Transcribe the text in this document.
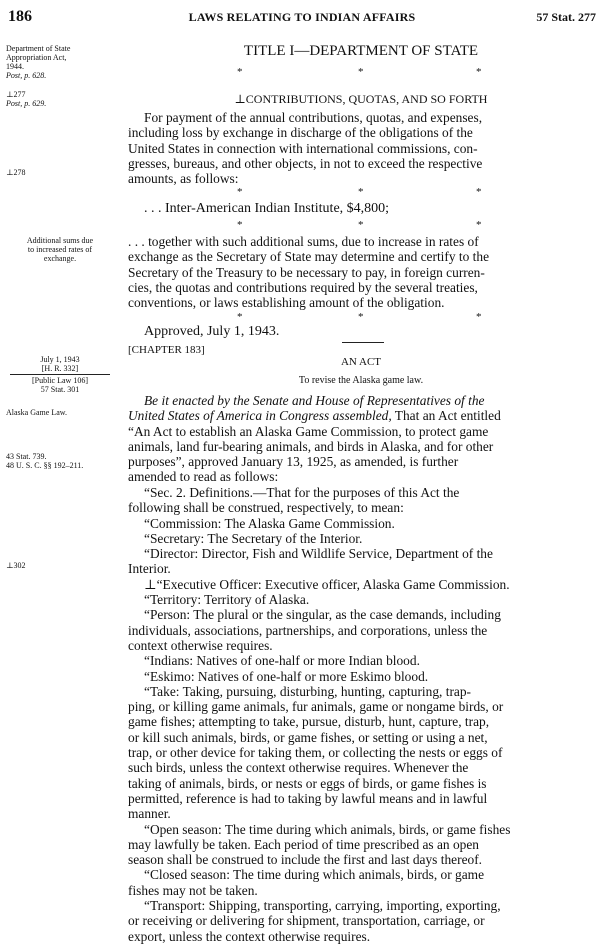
186	LAWS RELATING TO INDIAN AFFAIRS	57 Stat. 277
Department of State
Appropriation Act,
1944.
Post, p. 628.
⊥277
Post, p. 629.
⊥278
Additional sums due
to increased rates of
exchange.
July 1, 1943
[H. R. 332]
[Public Law 106]
57 Stat. 301
Alaska Game Law.
43 Stat. 739.
48 U. S. C. §§ 192–211.
⊥302

TITLE I—DEPARTMENT OF STATE

*	*	*

⊥CONTRIBUTIONS, QUOTAS, AND SO FORTH

For payment of the annual contributions, quotas, and expenses,

including loss by exchange in discharge of the obligations of the

United States in connection with international commissions, con-

gresses, bureaus, and other objects, in not to exceed the respective

amounts, as follows:

*	*	*

. . . Inter-American Indian Institute, $4,800;

*	*	*

. . . together with such additional sums, due to increase in rates of

exchange as the Secretary of State may determine and certify to the

Secretary of the Treasury to be necessary to pay, in foreign curren-

cies, the quotas and contributions required by the several treaties,

conventions, or laws establishing amount of the obligation.

*	*	*

Approved, July 1, 1943.

[CHAPTER 183]

AN ACT

To revise the Alaska game law.

Be it enacted by the Senate and House of Representatives of the

United States of America in Congress assembled, That an Act entitled

“An Act to establish an Alaska Game Commission, to protect game

animals, land fur-bearing animals, and birds in Alaska, and for other

purposes”, approved January 13, 1925, as amended, is further

amended to read as follows:

“Sec. 2. Definitions.—That for the purposes of this Act the

following shall be construed, respectively, to mean:

“Commission: The Alaska Game Commission.

“Secretary: The Secretary of the Interior.

“Director: Director, Fish and Wildlife Service, Department of the

Interior.

⊥“Executive Officer: Executive officer, Alaska Game Commission.

“Territory: Territory of Alaska.

“Person: The plural or the singular, as the case demands, including

individuals, associations, partnerships, and corporations, unless the

context otherwise requires.

“Indians: Natives of one-half or more Indian blood.

“Eskimo: Natives of one-half or more Eskimo blood.

“Take: Taking, pursuing, disturbing, hunting, capturing, trap-

ping, or killing game animals, fur animals, game or nongame birds, or

game fishes; attempting to take, pursue, disturb, hunt, capture, trap,

or kill such animals, birds, or game fishes, or setting or using a net,

trap, or other device for taking them, or collecting the nests or eggs of

such birds, unless the context otherwise requires. Whenever the

taking of animals, birds, or nests or eggs of birds, or game fishes is

permitted, reference is had to taking by lawful means and in lawful

manner.

“Open season: The time during which animals, birds, or game fishes

may lawfully be taken. Each period of time prescribed as an open

season shall be construed to include the first and last days thereof.

“Closed season: The time during which animals, birds, or game

fishes may not be taken.

“Transport: Shipping, transporting, carrying, importing, exporting,

or receiving or delivering for shipment, transportation, carriage, or

export, unless the context otherwise requires.
